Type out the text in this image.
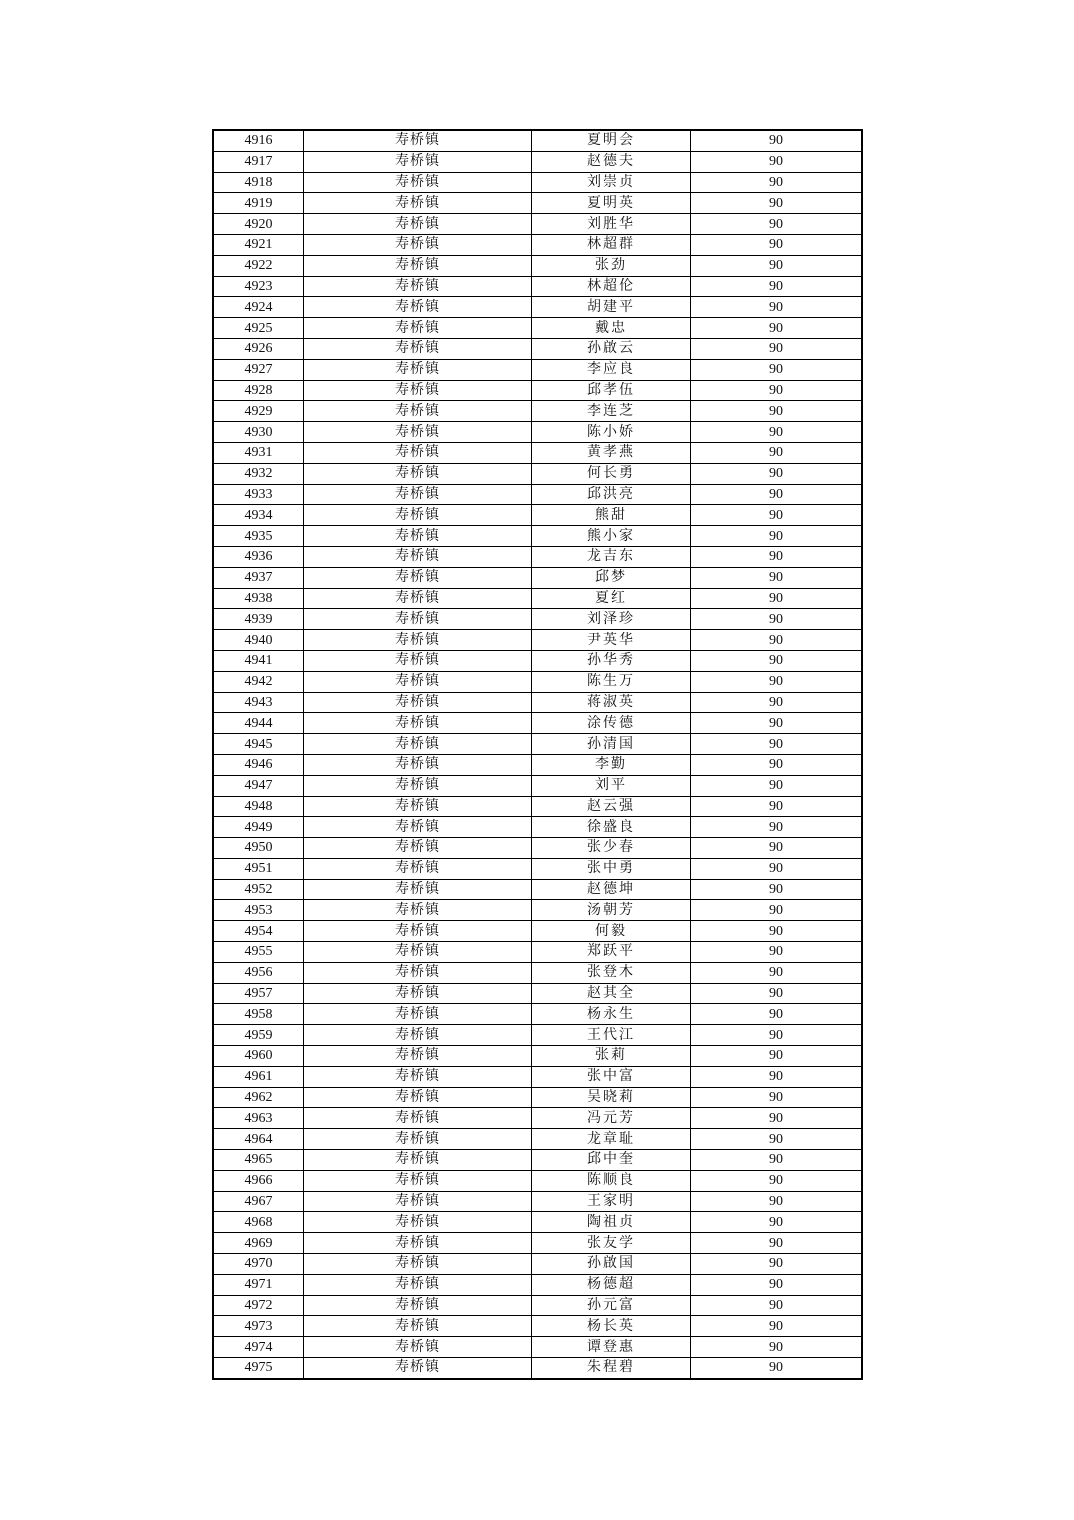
4916	寿桥镇	夏明会	90
4917	寿桥镇	赵德夫	90
4918	寿桥镇	刘崇贞	90
4919	寿桥镇	夏明英	90
4920	寿桥镇	刘胜华	90
4921	寿桥镇	林超群	90
4922	寿桥镇	张劲	90
4923	寿桥镇	林超伦	90
4924	寿桥镇	胡建平	90
4925	寿桥镇	戴忠	90
4926	寿桥镇	孙啟云	90
4927	寿桥镇	李应良	90
4928	寿桥镇	邱孝伍	90
4929	寿桥镇	李连芝	90
4930	寿桥镇	陈小娇	90
4931	寿桥镇	黄孝燕	90
4932	寿桥镇	何长勇	90
4933	寿桥镇	邱洪亮	90
4934	寿桥镇	熊甜	90
4935	寿桥镇	熊小家	90
4936	寿桥镇	龙吉东	90
4937	寿桥镇	邱梦	90
4938	寿桥镇	夏红	90
4939	寿桥镇	刘泽珍	90
4940	寿桥镇	尹英华	90
4941	寿桥镇	孙华秀	90
4942	寿桥镇	陈生万	90
4943	寿桥镇	蒋淑英	90
4944	寿桥镇	涂传德	90
4945	寿桥镇	孙清国	90
4946	寿桥镇	李勤	90
4947	寿桥镇	刘平	90
4948	寿桥镇	赵云强	90
4949	寿桥镇	徐盛良	90
4950	寿桥镇	张少春	90
4951	寿桥镇	张中勇	90
4952	寿桥镇	赵德坤	90
4953	寿桥镇	汤朝芳	90
4954	寿桥镇	何毅	90
4955	寿桥镇	郑跃平	90
4956	寿桥镇	张登木	90
4957	寿桥镇	赵其全	90
4958	寿桥镇	杨永生	90
4959	寿桥镇	王代江	90
4960	寿桥镇	张莉	90
4961	寿桥镇	张中富	90
4962	寿桥镇	吴晓莉	90
4963	寿桥镇	冯元芳	90
4964	寿桥镇	龙章耻	90
4965	寿桥镇	邱中奎	90
4966	寿桥镇	陈顺良	90
4967	寿桥镇	王家明	90
4968	寿桥镇	陶祖贞	90
4969	寿桥镇	张友学	90
4970	寿桥镇	孙啟国	90
4971	寿桥镇	杨德超	90
4972	寿桥镇	孙元富	90
4973	寿桥镇	杨长英	90
4974	寿桥镇	谭登惠	90
4975	寿桥镇	朱程碧	90
